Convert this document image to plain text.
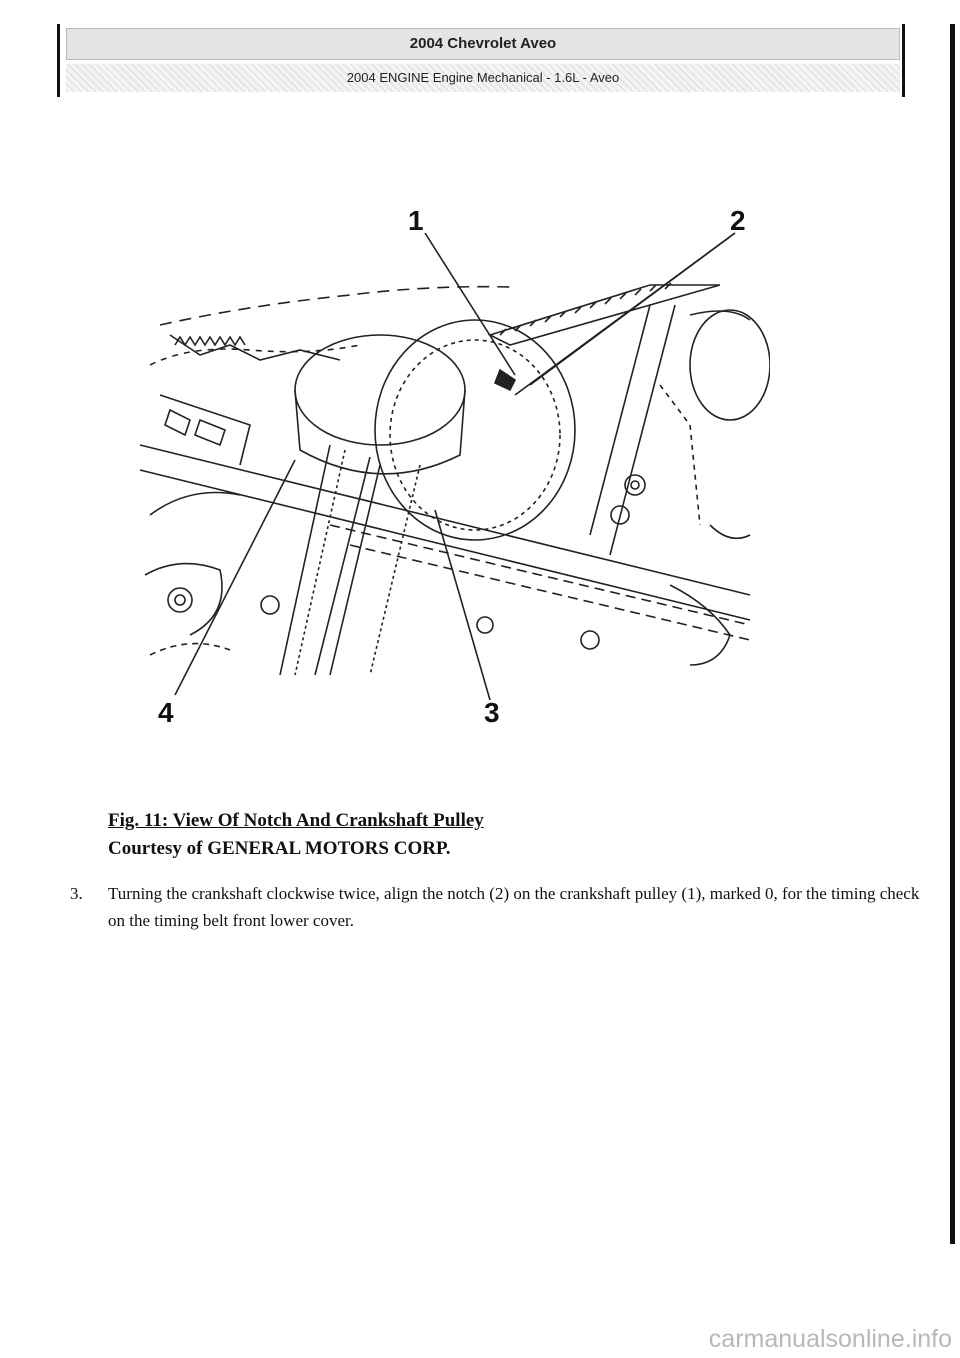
2004 Chevrolet Aveo
2004 ENGINE Engine Mechanical - 1.6L - Aveo
1	2
3
4
Fig. 11: View Of Notch And Crankshaft Pulley
Courtesy of GENERAL MOTORS CORP.
3. Turning the crankshaft clockwise twice, align the notch (2) on the crankshaft pulley (1), marked 0, for the timing check on the timing belt front lower cover.
carmanualsonline.info
